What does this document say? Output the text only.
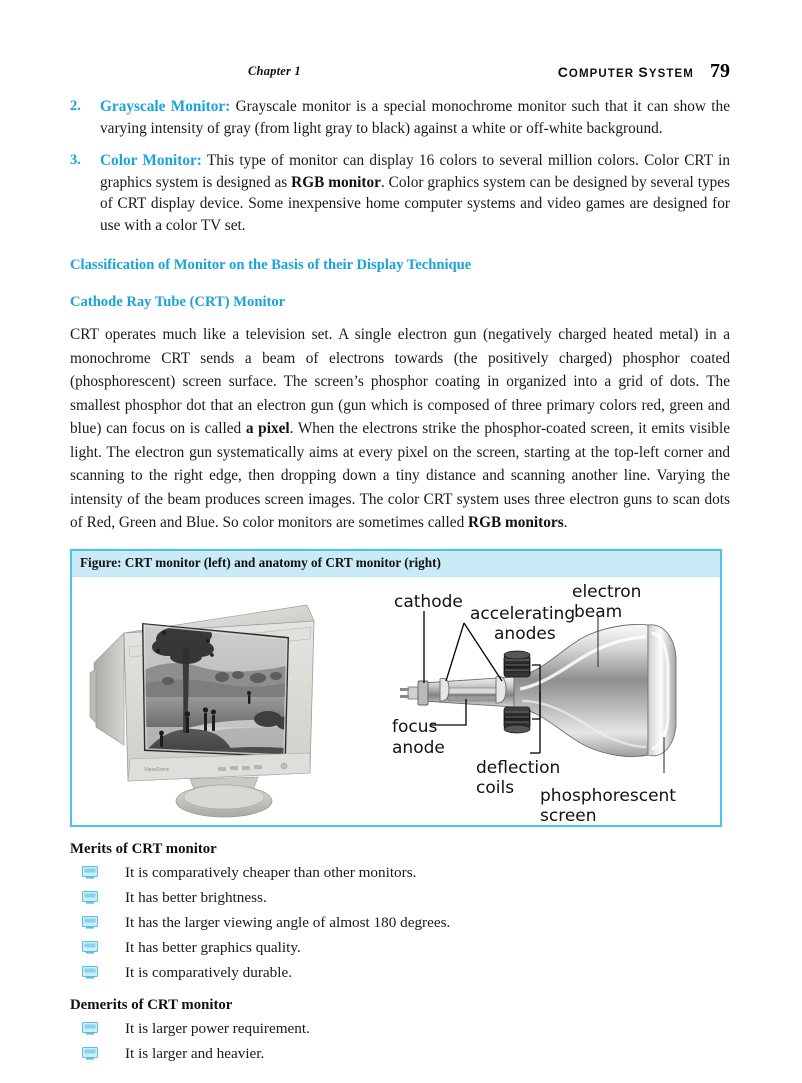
Chapter 1	COMPUTER SYSTEM 79
2.	Grayscale Monitor: Grayscale monitor is a special monochrome monitor such that it can show the varying intensity of gray (from light gray to black) against a white or off-white background.
3.	Color Monitor: This type of monitor can display 16 colors to several million colors. Color CRT in graphics system is designed as RGB monitor. Color graphics system can be designed by several types of CRT display device. Some inexpensive home computer systems and video games are designed for use with a color TV set.
Classification of Monitor on the Basis of their Display Technique
Cathode Ray Tube (CRT) Monitor

CRT operates much like a television set. A single electron gun (negatively charged heated metal) in a monochrome CRT sends a beam of electrons towards (the positively charged) phosphor coated (phosphorescent) screen surface. The screen’s phosphor coating in organized into a grid of dots. The smallest phosphor dot that an electron gun (gun which is composed of three primary colors red, green and blue) can focus on is called a pixel. When the electrons strike the phosphor-coated screen, it emits visible light. The electron gun systematically aims at every pixel on the screen, starting at the top-left corner and scanning to the right edge, then dropping down a tiny distance and scanning another line. Varying the intensity of the beam produces screen images. The color CRT system uses three electron guns to scan dots of Red, Green and Blue. So color monitors are sometimes called RGB monitors.

Figure: CRT monitor (left) and anatomy of CRT monitor (right)
ViewSonic
cathode
accelerating
anodes
electron
beam
focus
anode
deflection
coils phosphorescent
screen
Merits of CRT monitor
It is comparatively cheaper than other monitors.
It has better brightness.
It has the larger viewing angle of almost 180 degrees.
It has better graphics quality.
It is comparatively durable.
Demerits of CRT monitor
It is larger power requirement.
It is larger and heavier.
